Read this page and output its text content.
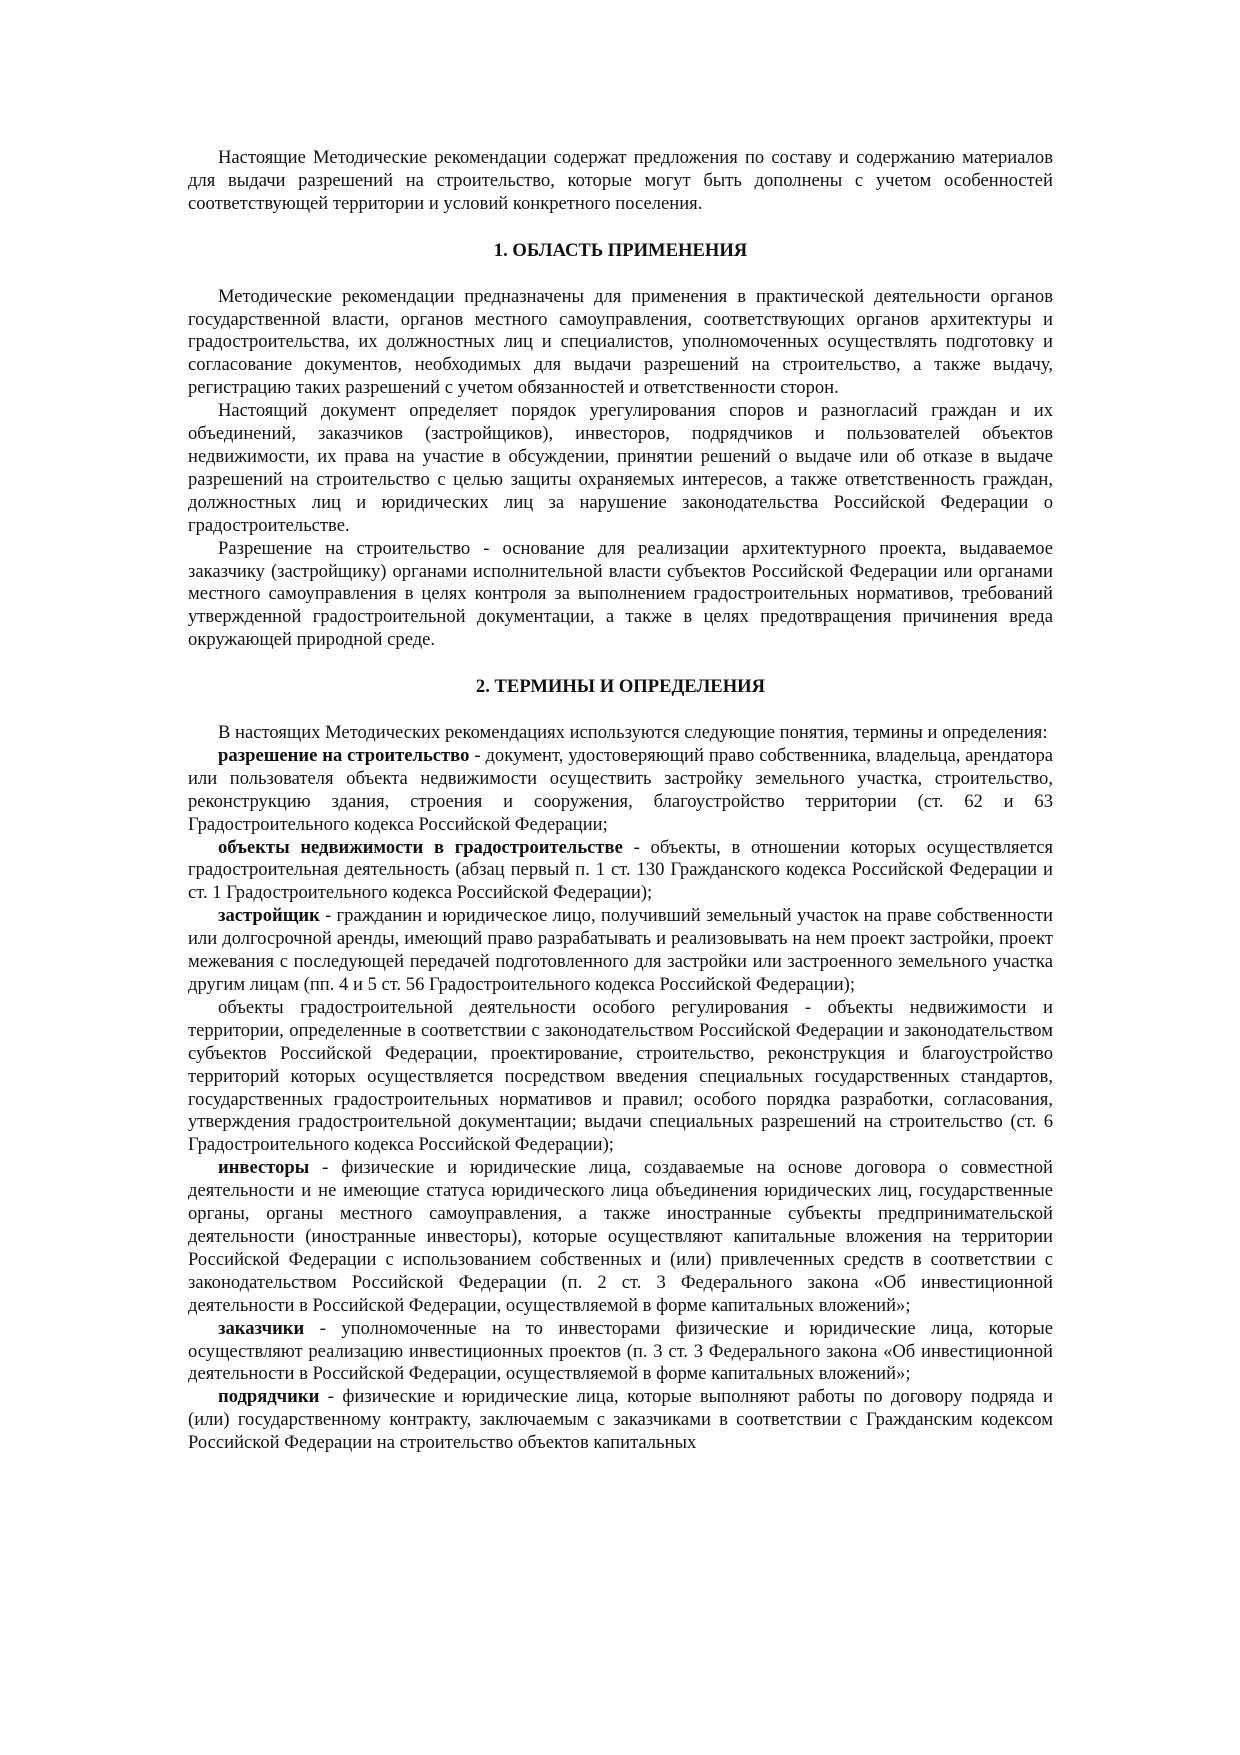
Настоящие Методические рекомендации содержат предложения по составу и содержанию материалов для выдачи разрешений на строительство, которые могут быть дополнены с учетом особенностей соответствующей территории и условий конкретного поселения.

1. ОБЛАСТЬ ПРИМЕНЕНИЯ

Методические рекомендации предназначены для применения в практической деятельности органов государственной власти, органов местного самоуправления, соответствующих органов архитектуры и градостроительства, их должностных лиц и специалистов, уполномоченных осуществлять подготовку и согласование документов, необходимых для выдачи разрешений на строительство, а также выдачу, регистрацию таких разрешений с учетом обязанностей и ответственности сторон.

Настоящий документ определяет порядок урегулирования споров и разногласий граждан и их объединений, заказчиков (застройщиков), инвесторов, подрядчиков и пользователей объектов недвижимости, их права на участие в обсуждении, принятии решений о выдаче или об отказе в выдаче разрешений на строительство с целью защиты охраняемых интересов, а также ответственность граждан, должностных лиц и юридических лиц за нарушение законодательства Российской Федерации о градостроительстве.

Разрешение на строительство - основание для реализации архитектурного проекта, выдаваемое заказчику (застройщику) органами исполнительной власти субъектов Российской Федерации или органами местного самоуправления в целях контроля за выполнением градостроительных нормативов, требований утвержденной градостроительной документации, а также в целях предотвращения причинения вреда окружающей природной среде.

2. ТЕРМИНЫ И ОПРЕДЕЛЕНИЯ

В настоящих Методических рекомендациях используются следующие понятия, термины и определения:

разрешение на строительство - документ, удостоверяющий право собственника, владельца, арендатора или пользователя объекта недвижимости осуществить застройку земельного участка, строительство, реконструкцию здания, строения и сооружения, благоустройство территории (ст. 62 и 63 Градостроительного кодекса Российской Федерации;

объекты недвижимости в градостроительстве - объекты, в отношении которых осуществляется градостроительная деятельность (абзац первый п. 1 ст. 130 Гражданского кодекса Российской Федерации и ст. 1 Градостроительного кодекса Российской Федерации);

застройщик - гражданин и юридическое лицо, получивший земельный участок на праве собственности или долгосрочной аренды, имеющий право разрабатывать и реализовывать на нем проект застройки, проект межевания с последующей передачей подготовленного для застройки или застроенного земельного участка другим лицам (пп. 4 и 5 ст. 56 Градостроительного кодекса Российской Федерации);

объекты градостроительной деятельности особого регулирования - объекты недвижимости и территории, определенные в соответствии с законодательством Российской Федерации и законодательством субъектов Российской Федерации, проектирование, строительство, реконструкция и благоустройство территорий которых осуществляется посредством введения специальных государственных стандартов, государственных градостроительных нормативов и правил; особого порядка разработки, согласования, утверждения градостроительной документации; выдачи специальных разрешений на строительство (ст. 6 Градостроительного кодекса Российской Федерации);

инвесторы - физические и юридические лица, создаваемые на основе договора о совместной деятельности и не имеющие статуса юридического лица объединения юридических лиц, государственные органы, органы местного самоуправления, а также иностранные субъекты предпринимательской деятельности (иностранные инвесторы), которые осуществляют капитальные вложения на территории Российской Федерации с использованием собственных и (или) привлеченных средств в соответствии с законодательством Российской Федерации (п. 2 ст. 3 Федерального закона «Об инвестиционной деятельности в Российской Федерации, осуществляемой в форме капитальных вложений»;

заказчики - уполномоченные на то инвесторами физические и юридические лица, которые осуществляют реализацию инвестиционных проектов (п. 3 ст. 3 Федерального закона «Об инвестиционной деятельности в Российской Федерации, осуществляемой в форме капитальных вложений»;

подрядчики - физические и юридические лица, которые выполняют работы по договору подряда и (или) государственному контракту, заключаемым с заказчиками в соответствии с Гражданским кодексом Российской Федерации на строительство объектов капитальных
